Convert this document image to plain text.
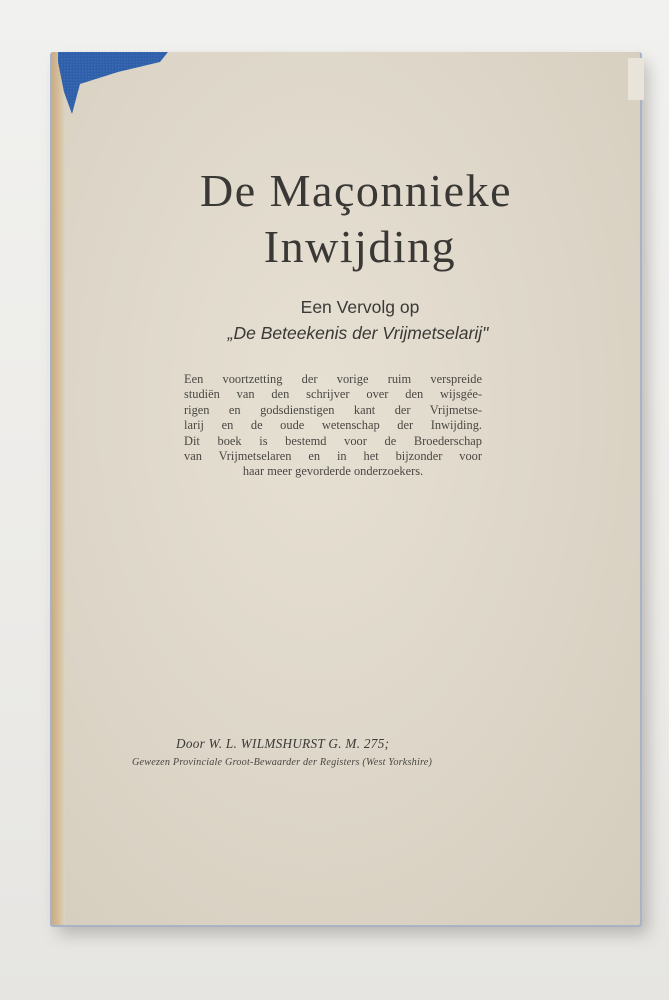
De Maçonnieke
Inwijding
Een Vervolg op
„De Beteekenis der Vrijmetselarij"
Een voortzetting der vorige ruim verspreide
studiën van den schrijver over den wijsgée-
rigen en godsdienstigen kant der Vrijmetse-
larij en de oude wetenschap der Inwijding.
Dit boek is bestemd voor de Broederschap
van Vrijmetselaren en in het bijzonder voor
haar meer gevorderde onderzoekers.
Door W. L. WILMSHURST G. M. 275;
Gewezen Provinciale Groot-Bewaarder der Registers (West Yorkshire)
